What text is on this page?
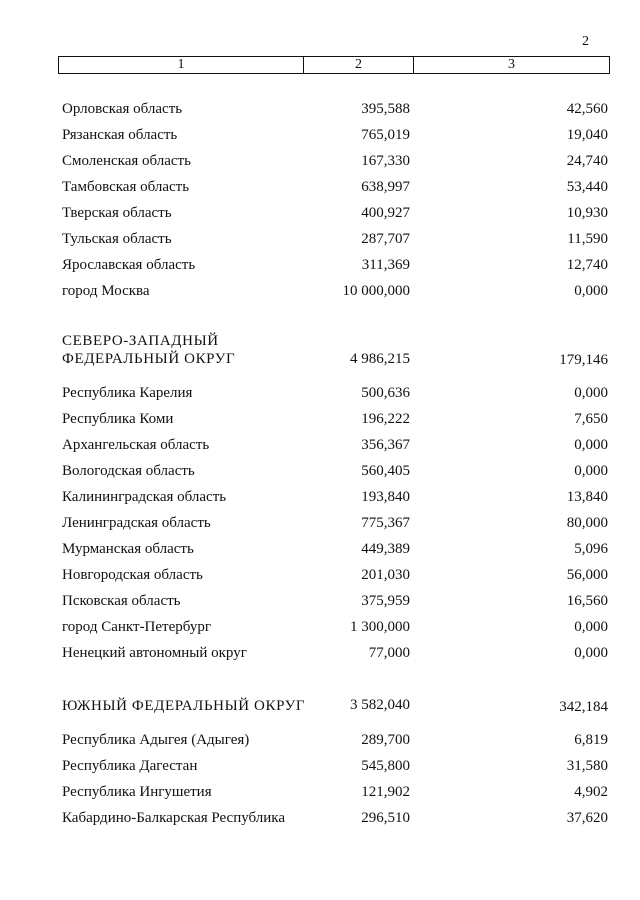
2
1	2	3
Орловская область	395,588	42,560
Рязанская область	765,019	19,040
Смоленская область	167,330	24,740
Тамбовская область	638,997	53,440
Тверская область	400,927	10,930
Тульская область	287,707	11,590
Ярославская область	311,369	12,740
город Москва	10 000,000	0,000
СЕВЕРО-ЗАПАДНЫЙ
ФЕДЕРАЛЬНЫЙ ОКРУГ	4 986,215	179,146
Республика Карелия	500,636	0,000
Республика Коми	196,222	7,650
Архангельская область	356,367	0,000
Вологодская область	560,405	0,000
Калининградская область	193,840	13,840
Ленинградская область	775,367	80,000
Мурманская область	449,389	5,096
Новгородская область	201,030	56,000
Псковская область	375,959	16,560
город Санкт-Петербург	1 300,000	0,000
Ненецкий автономный округ	77,000	0,000
ЮЖНЫЙ ФЕДЕРАЛЬНЫЙ ОКРУГ	3 582,040	342,184
Республика Адыгея (Адыгея)	289,700	6,819
Республика Дагестан	545,800	31,580
Республика Ингушетия	121,902	4,902
Кабардино-Балкарская Республика	296,510	37,620
